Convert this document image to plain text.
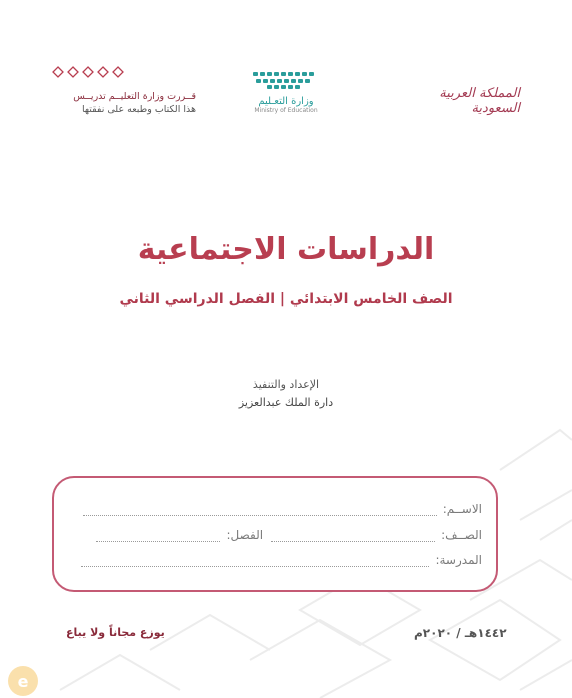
قــررت وزارة التعليــم تدريــس
هذا الكتاب وطبعه على نفقتها
وزارة التعـليم
Ministry of Education
المملكة العربية السعودية
الدراسات الاجتماعية
الصف الخامس الابتدائي | الفصل الدراسي الثاني
الإعداد والتنفيذ
دارة الملك عبدالعزيز
الاســم:
الصــف:
الفصل:
المدرسة:
يوزع مجاناً ولا يباع	١٤٤٢هـ / ٢٠٢٠م
e
